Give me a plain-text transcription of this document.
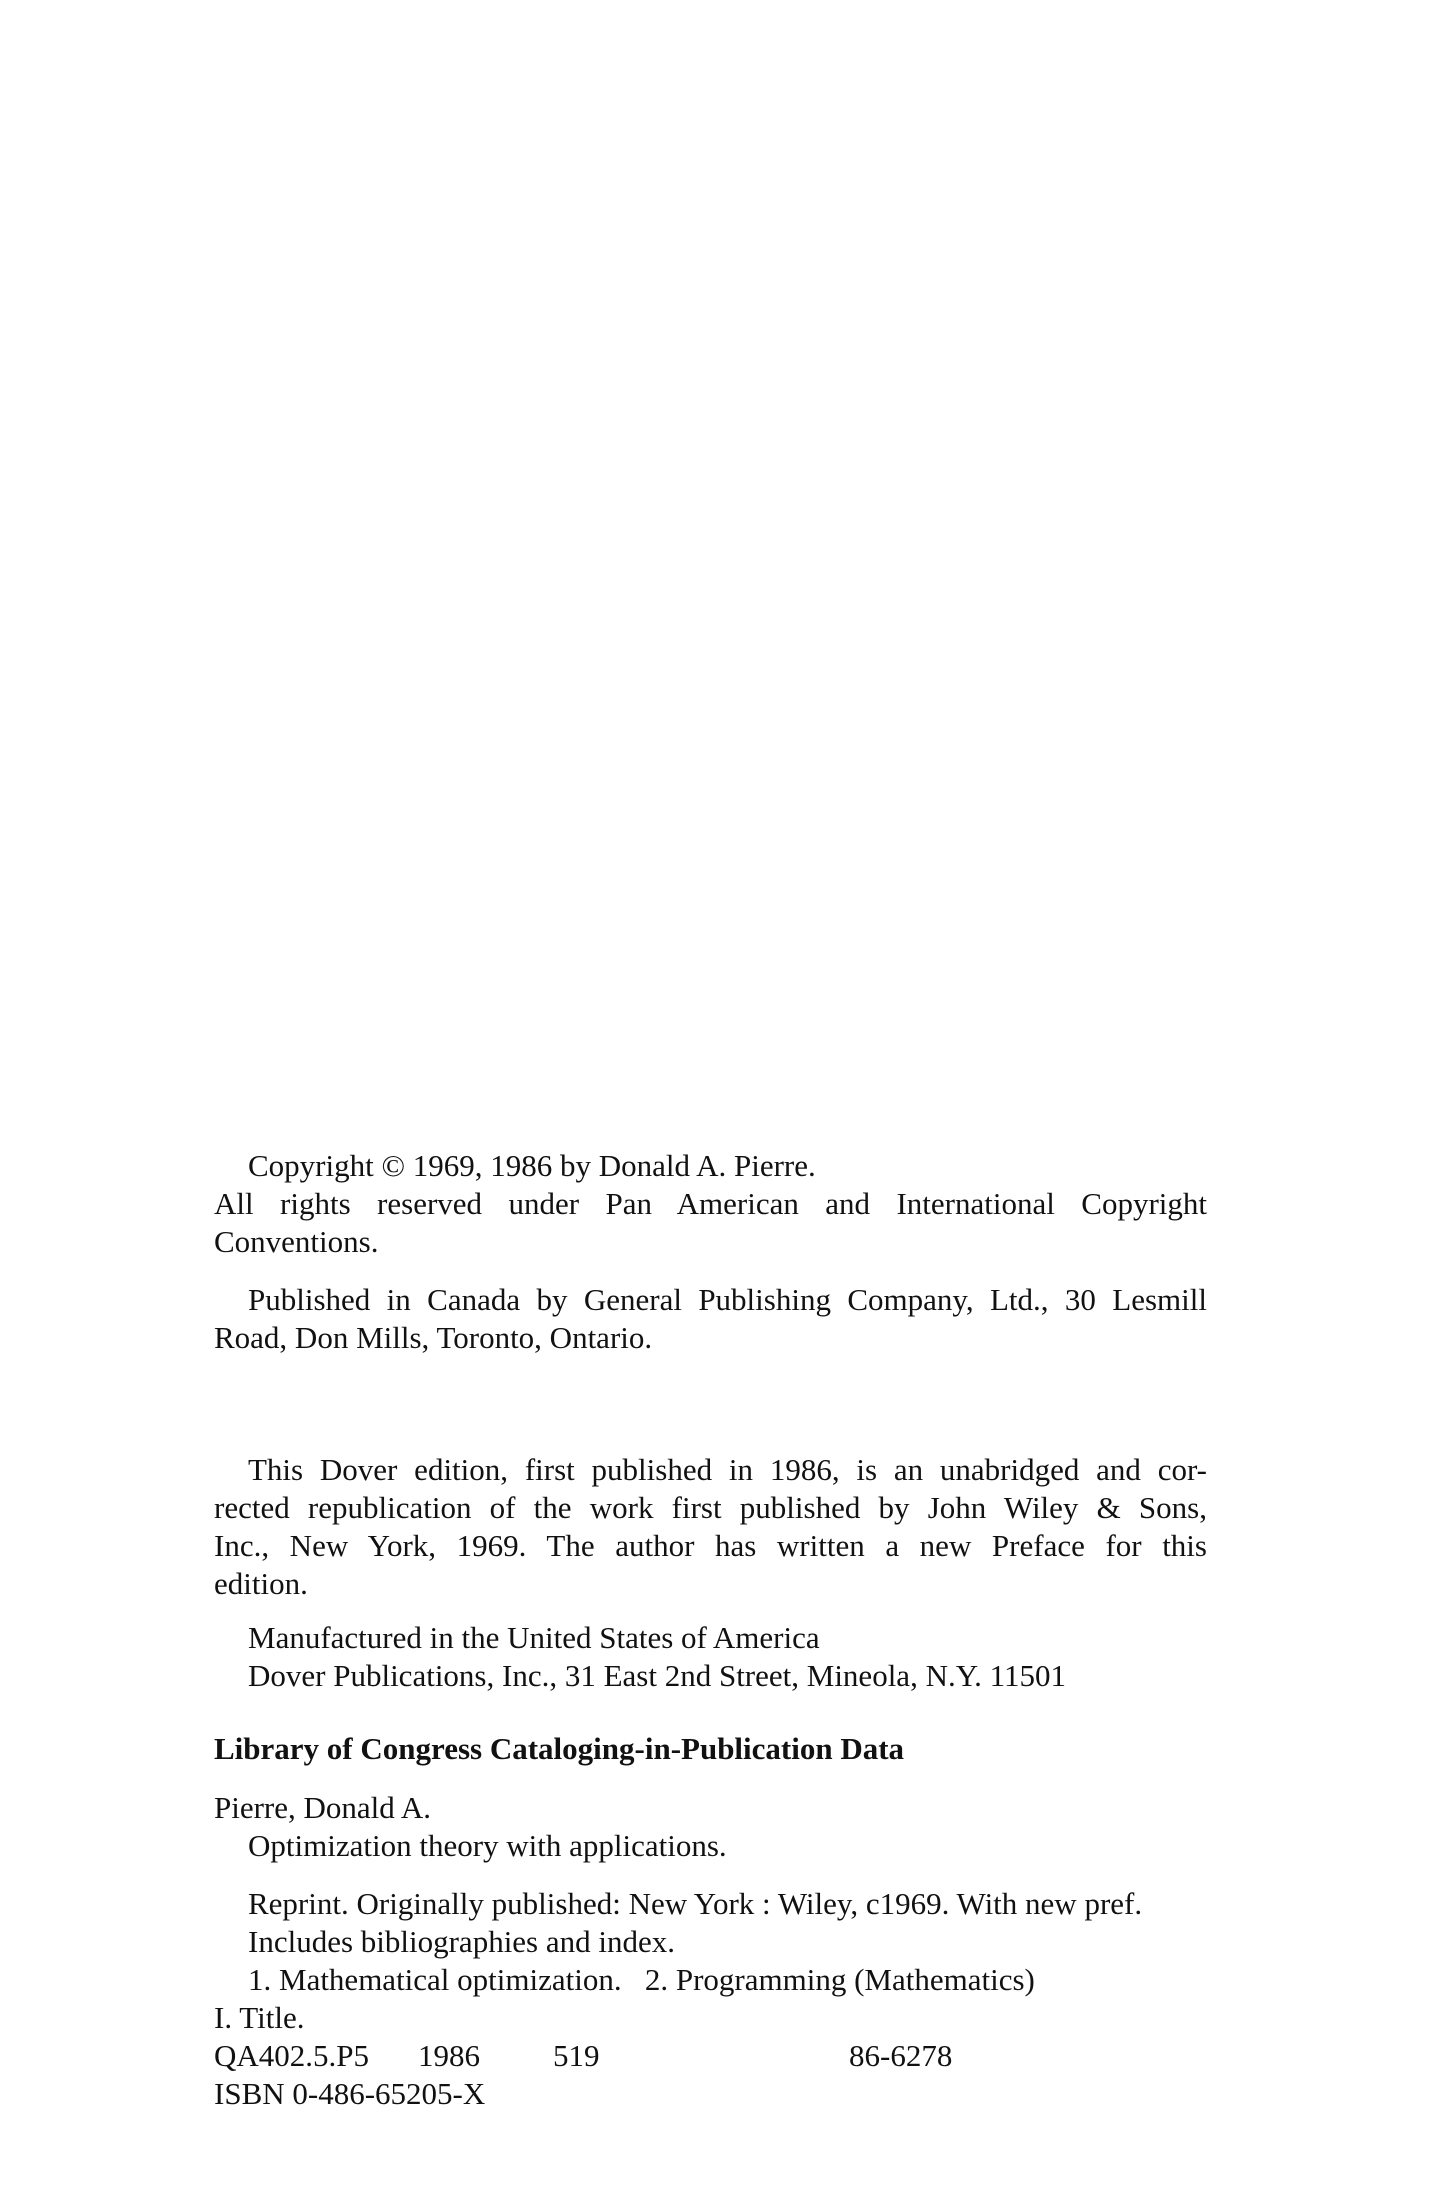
Copyright © 1969, 1986 by Donald A. Pierre.
All rights reserved under Pan American and International Copyright
Conventions.
Published in Canada by General Publishing Company, Ltd., 30 Lesmill
Road, Don Mills, Toronto, Ontario.
This Dover edition, first published in 1986, is an unabridged and cor-
rected republication of the work first published by John Wiley & Sons,
Inc., New York, 1969. The author has written a new Preface for this
edition.
Manufactured in the United States of America
Dover Publications, Inc., 31 East 2nd Street, Mineola, N.Y. 11501
Library of Congress Cataloging-in-Publication Data
Pierre, Donald A.
Optimization theory with applications.
Reprint. Originally published: New York : Wiley, c1969. With new pref.
Includes bibliographies and index.
1. Mathematical optimization.   2. Programming (Mathematics)
I. Title.
QA402.5.P5 1986 519	86-6278
ISBN 0-486-65205-X
